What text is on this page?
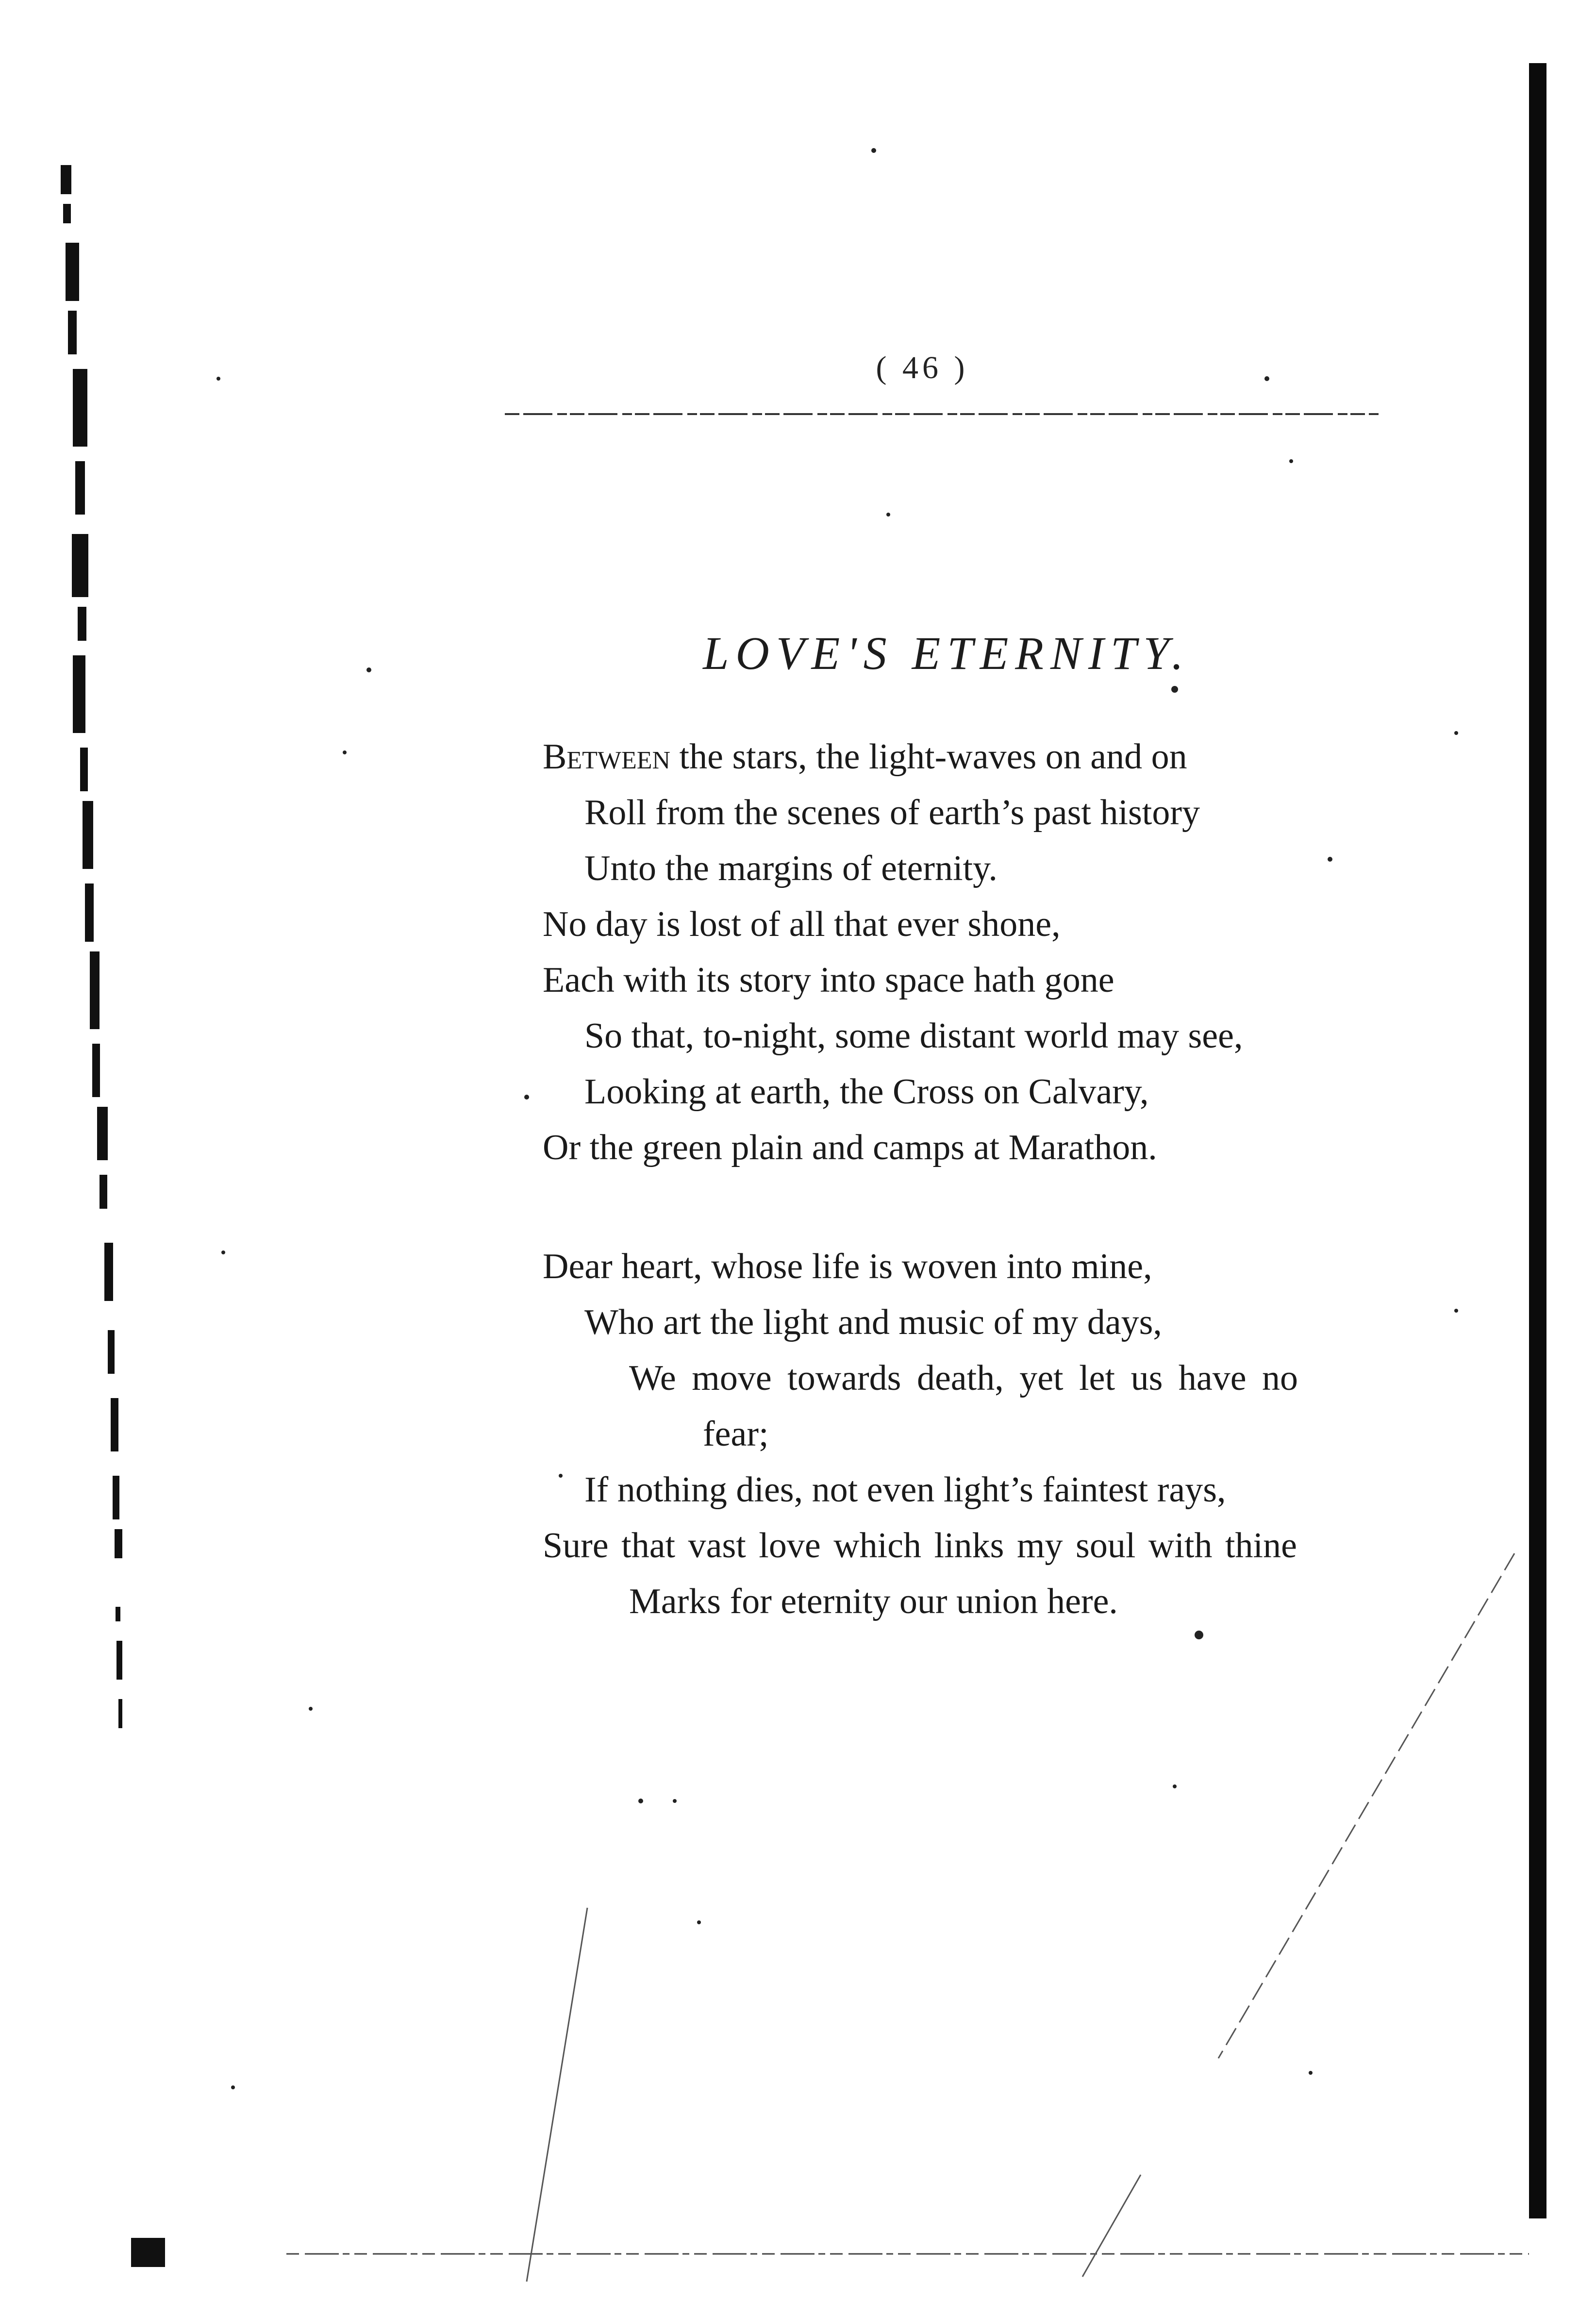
( 46 )
LOVE'S ETERNITY.
Between the stars, the light-waves on and on
Roll from the scenes of earth’s past history
Unto the margins of eternity.
No day is lost of all that ever shone,
Each with its story into space hath gone
So that, to-night, some distant world may see,
Looking at earth, the Cross on Calvary,
Or the green plain and camps at Marathon.
Dear heart, whose life is woven into mine,
Who art the light and music of my days,
We move towards death, yet let us have no
fear;
If nothing dies, not even light’s faintest rays,
Sure that vast love which links my soul with thine
Marks for eternity our union here.
